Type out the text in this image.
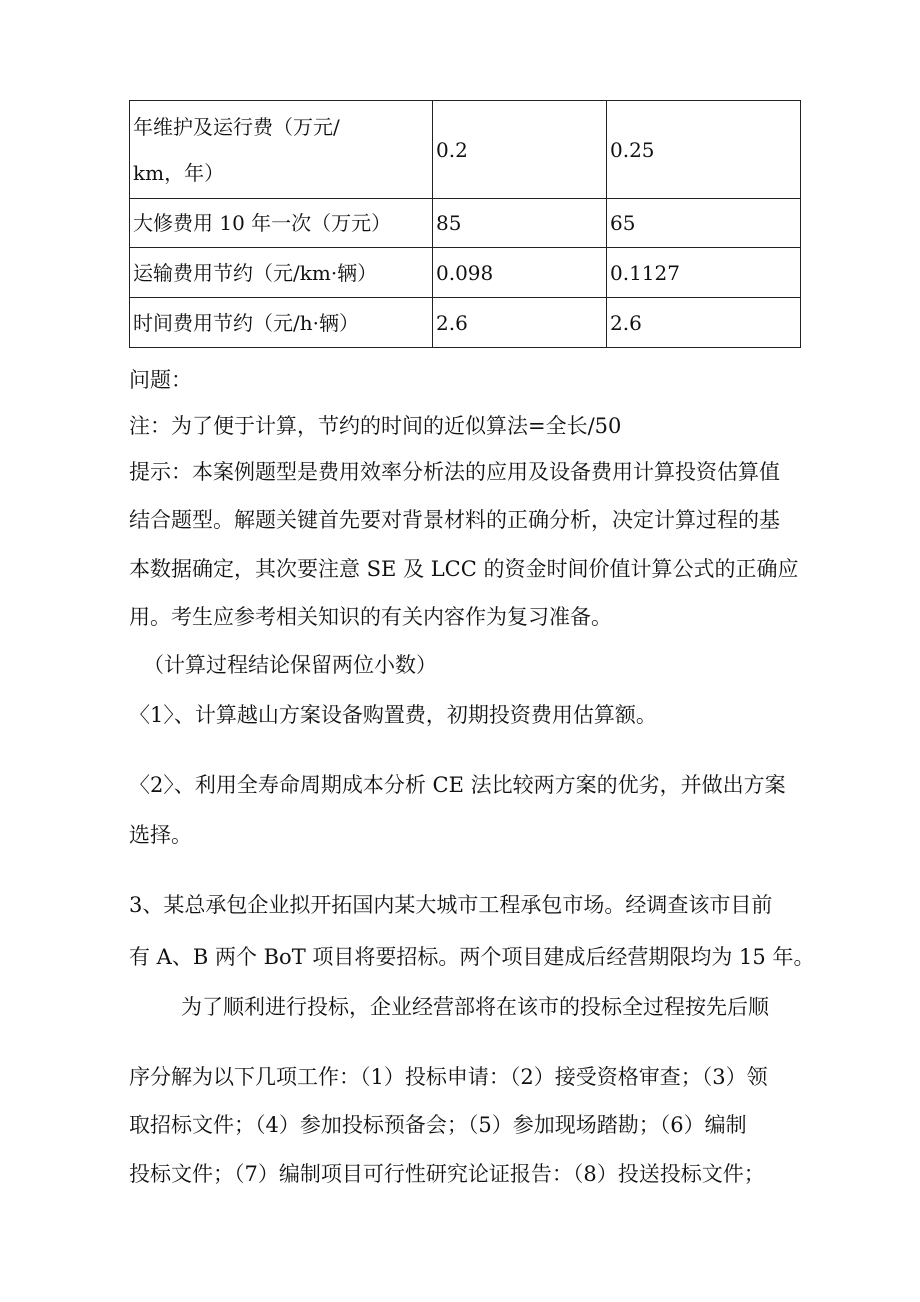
年维护及运行费（万元/
km，年）	0.2	0.25
大修费用 10 年一次（万元）	85	65
运输费用节约（元/km·辆）	0.098	0.1127
时间费用节约（元/h·辆）	2.6	2.6
问题：
注：为了便于计算，节约的时间的近似算法=全长/50
提示：本案例题型是费用效率分析法的应用及设备费用计算投资估算值
结合题型。解题关键首先要对背景材料的正确分析，决定计算过程的基
本数据确定，其次要注意 SE 及 LCC 的资金时间价值计算公式的正确应
用。考生应参考相关知识的有关内容作为复习准备。
（计算过程结论保留两位小数）
〈1〉、计算越山方案设备购置费，初期投资费用估算额。
〈2〉、利用全寿命周期成本分析 CE 法比较两方案的优劣，并做出方案
选择。
3、某总承包企业拟开拓国内某大城市工程承包市场。经调查该市目前
有 A、B 两个 BoT 项目将要招标。两个项目建成后经营期限均为 15 年。
为了顺利进行投标，企业经营部将在该市的投标全过程按先后顺
序分解为以下几项工作：（1）投标申请：（2）接受资格审查；（3）领
取招标文件；（4）参加投标预备会；（5）参加现场踏勘；（6）编制
投标文件；（7）编制项目可行性研究论证报告：（8）投送投标文件；
